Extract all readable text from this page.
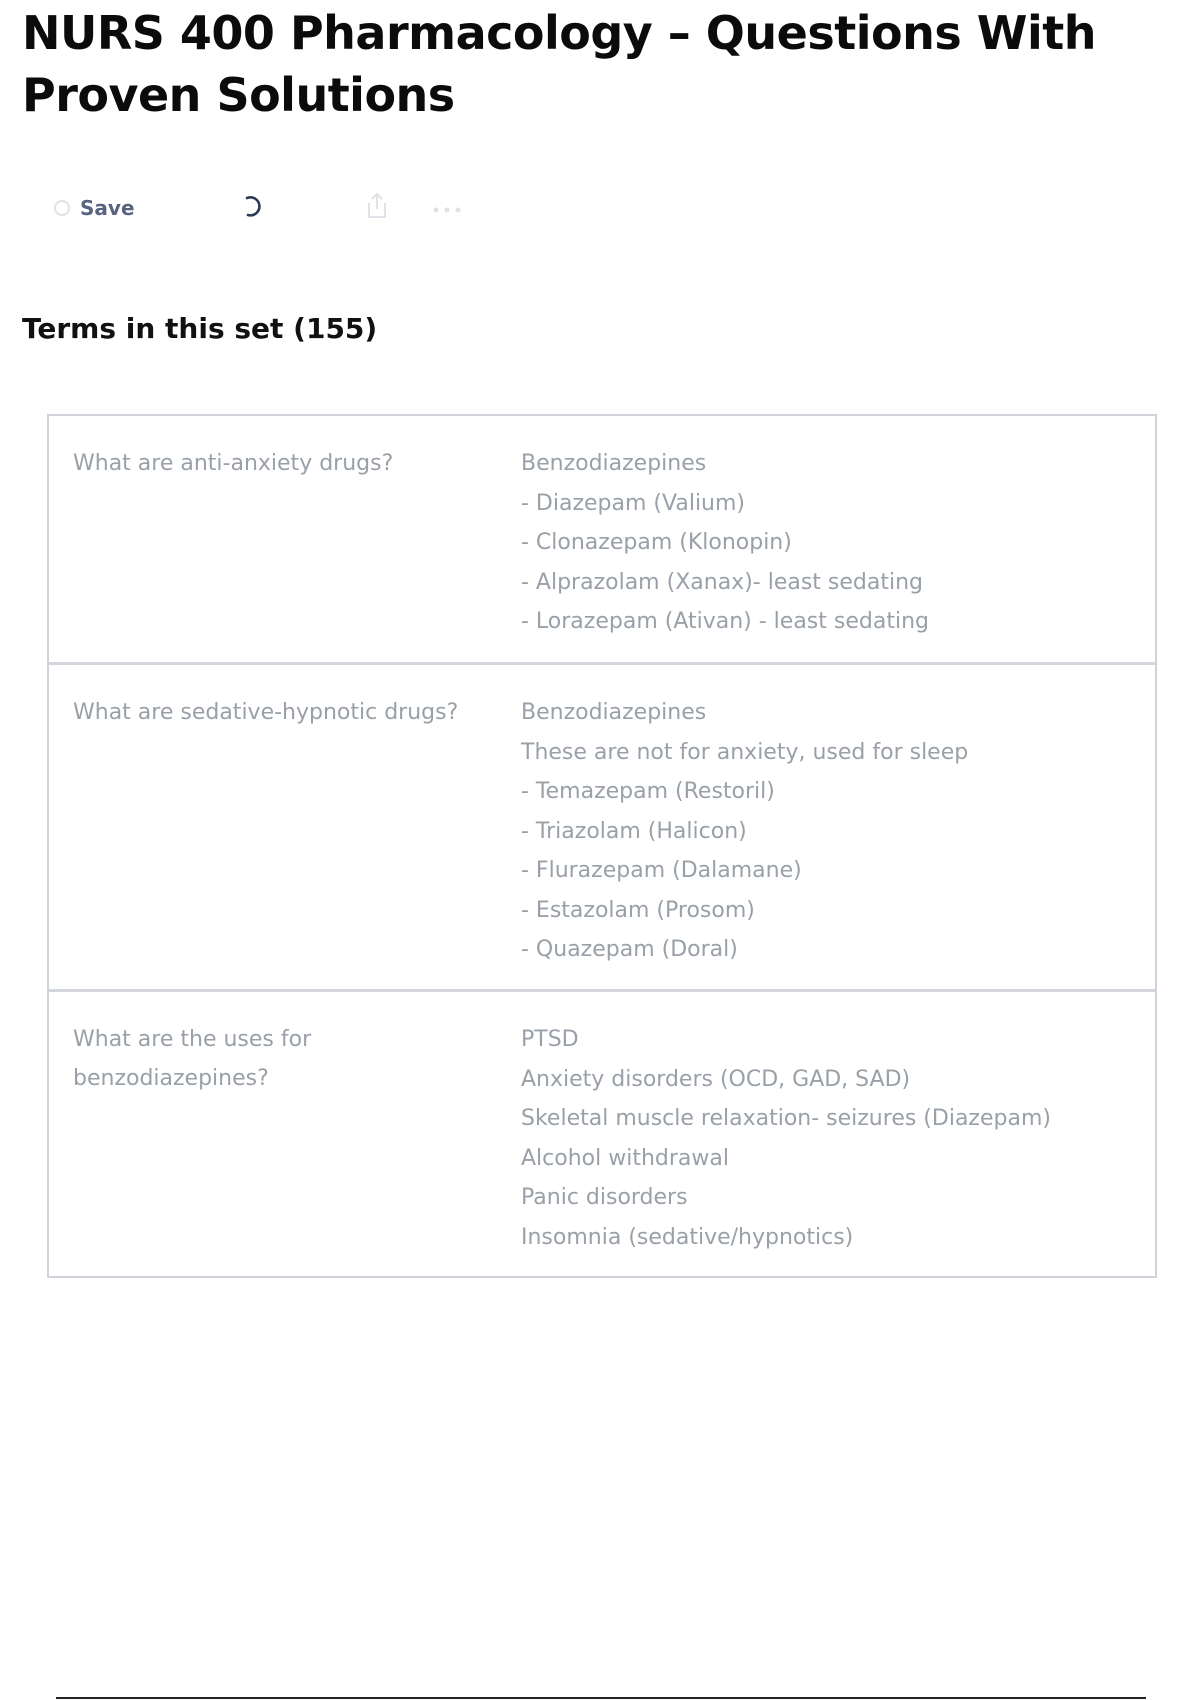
NURS 400 Pharmacology – Questions With Proven Solutions
Save
Terms in this set (155)
What are anti-anxiety drugs?	Benzodiazepines
- Diazepam (Valium)
- Clonazepam (Klonopin)
- Alprazolam (Xanax)- least sedating
- Lorazepam (Ativan) - least sedating
What are sedative-hypnotic drugs?	Benzodiazepines
These are not for anxiety, used for sleep
- Temazepam (Restoril)
- Triazolam (Halicon)
- Flurazepam (Dalamane)
- Estazolam (Prosom)
- Quazepam (Doral)
What are the uses for benzodiazepines?
PTSD
Anxiety disorders (OCD, GAD, SAD)
Skeletal muscle relaxation- seizures (Diazepam)
Alcohol withdrawal
Panic disorders
Insomnia (sedative/hypnotics)
